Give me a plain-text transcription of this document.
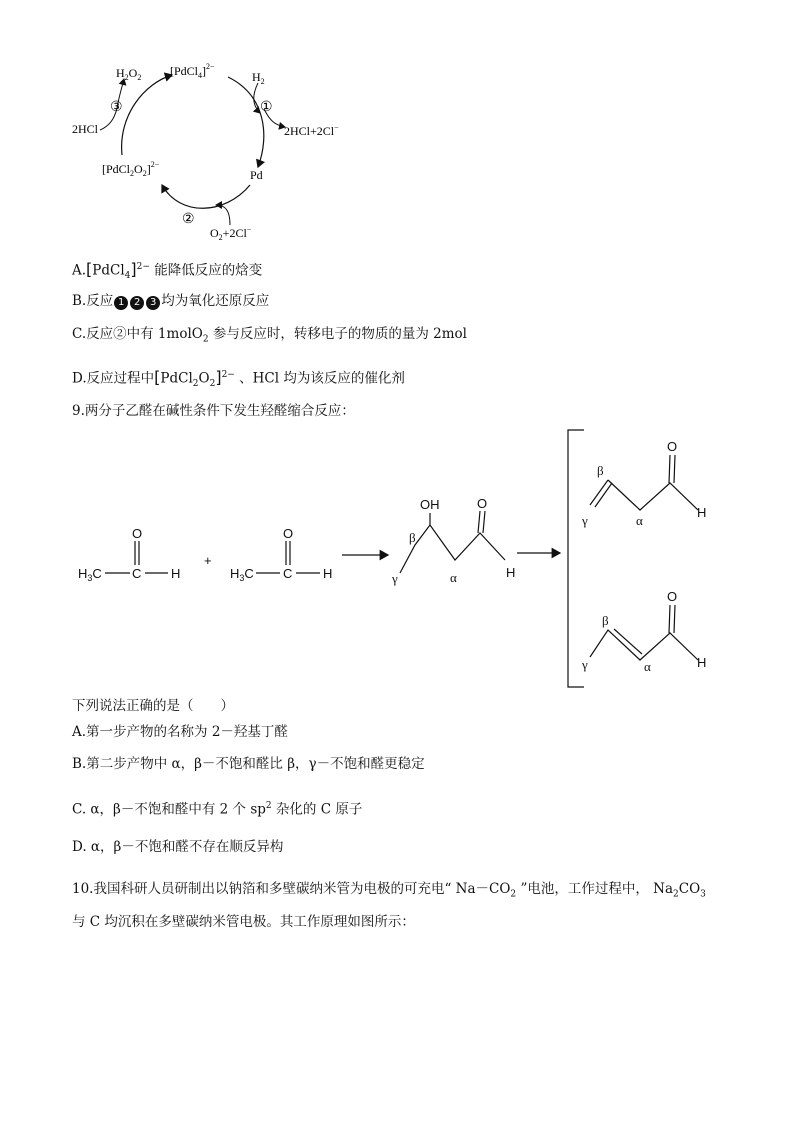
[PdCl$_4$]$^{2-}$
$H_2O_2$	$H_2$
①
2HCl+2Cl−
Pd
③
2HCl
$[PdCl_2O_2]^{2-}$
②
$O_2+2Cl^-$
A.[PdCl$_4$]$^{2-}$ 能降低反应的焓变
B.反应 1 2 3 均为氧化还原反应
C.反应②中有 1molO$_2$ 参与反应时，转移电子的物质的量为 2mol
D.反应过程中$[PdCl_2O_2]^{2-}$ 、HCl 均为该反应的催化剂
9.两分子乙醛在碱性条件下发生羟醛缩合反应：
O
$H_3C$ C H
+
O
$H_3C$ C H
OH	O
β
α
γ	H
O
β
α
γ
H
O
β
α
γ	H
下列说法正确的是（　　）
A.第一步产物的名称为 2－羟基丁醛
B.第二步产物中 α，β－不饱和醛比 β，γ－不饱和醛更稳定
C. α，β－不饱和醛中有 2 个 $sp^2$ 杂化的 C 原子
D. α，β－不饱和醛不存在顺反异构
10.我国科研人员研制出以钠箔和多壁碳纳米管为电极的可充电“ $Na-CO_2$ ”电池，工作过程中， $Na_2CO_3$
与 C 均沉积在多壁碳纳米管电极。其工作原理如图所示：
